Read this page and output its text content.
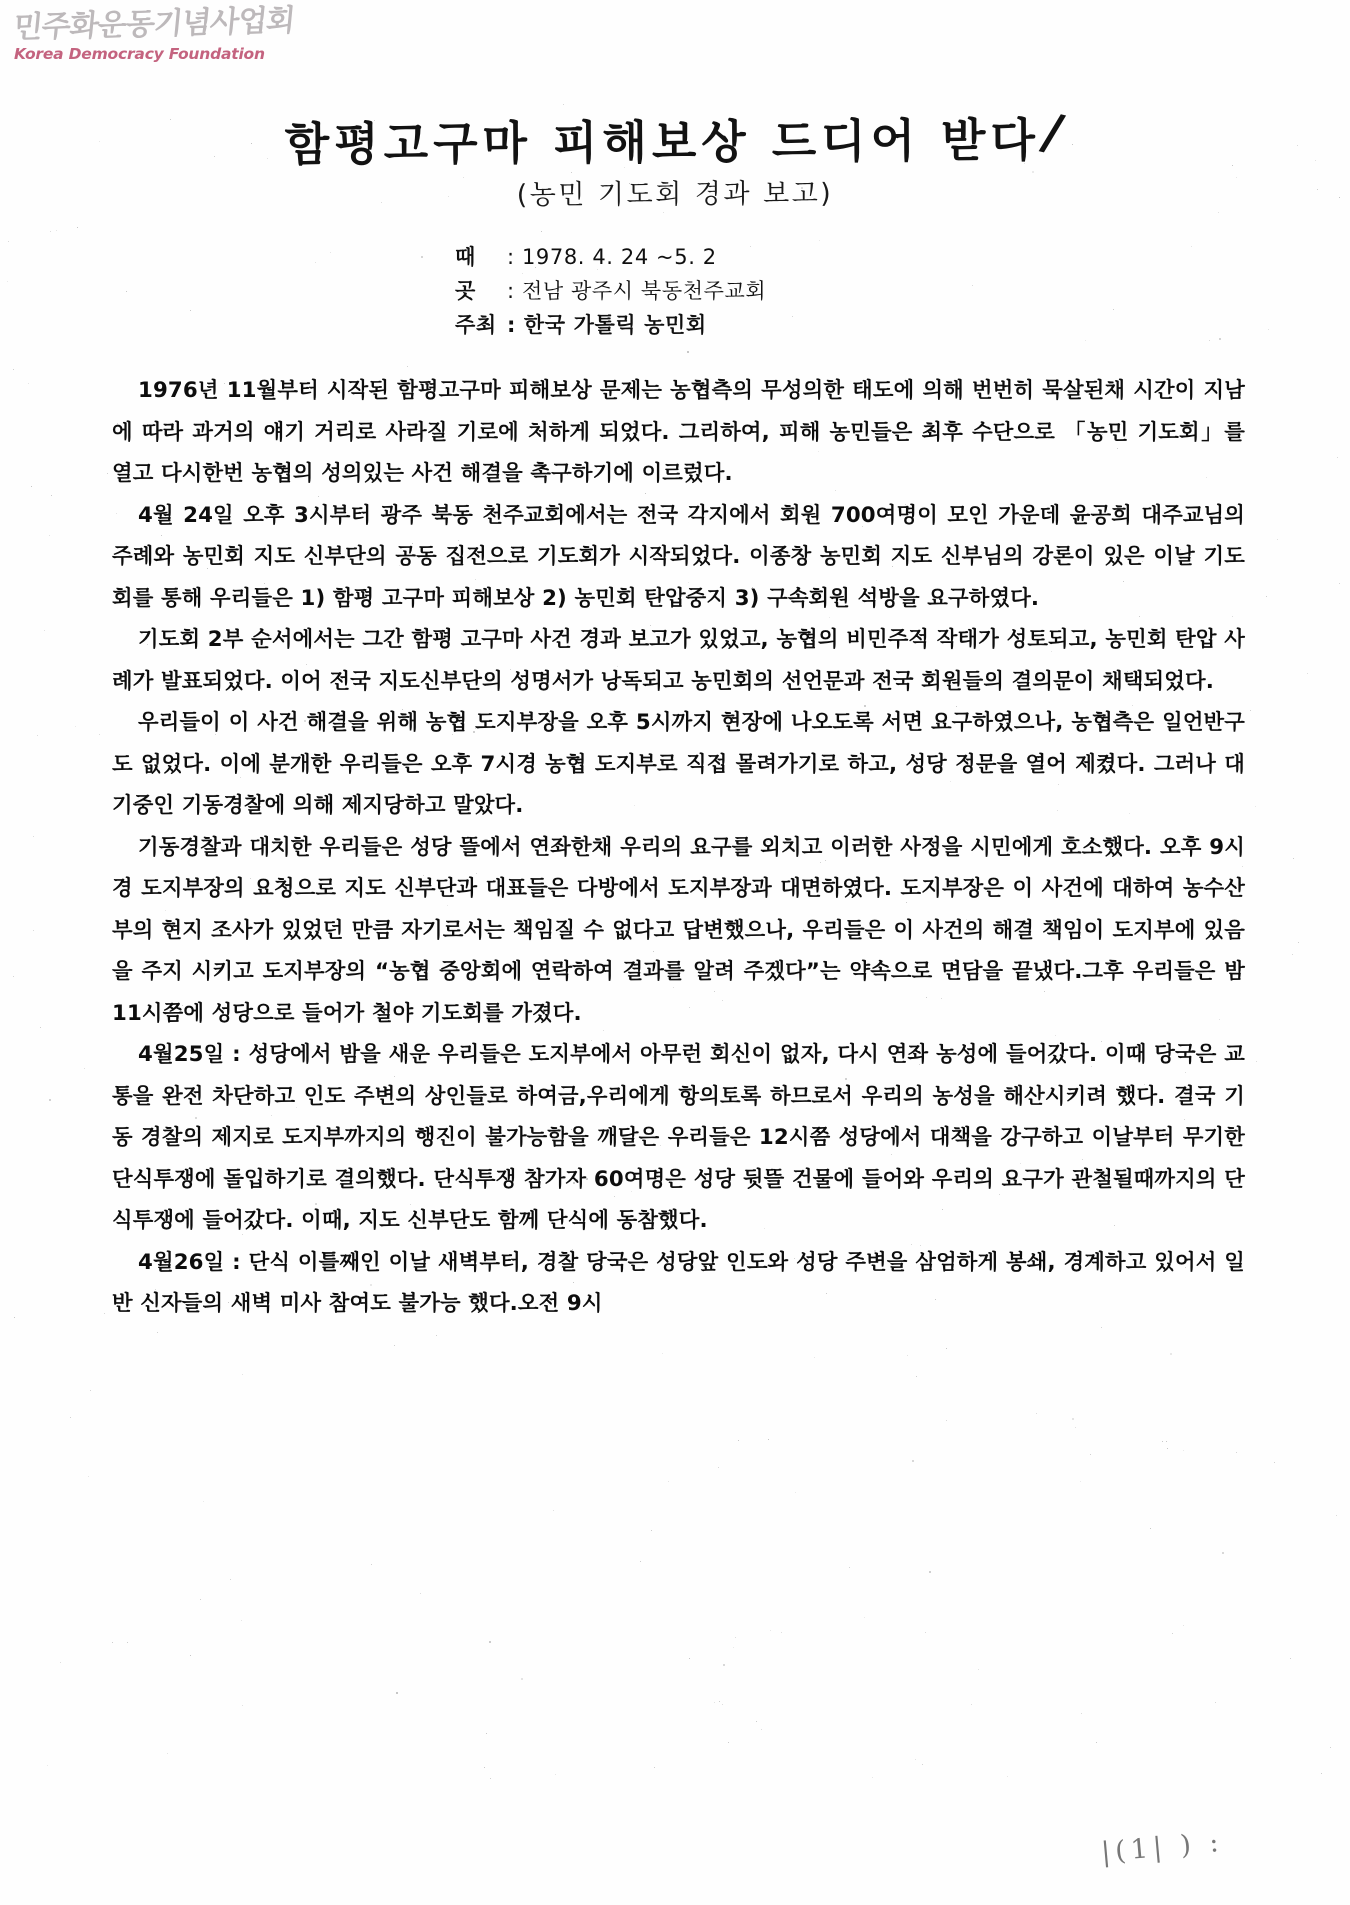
민주화운동기념사업회
Korea Democracy Foundation
함평고구마 피해보상 드디어 받다/
(농민 기도회 경과 보고)
때 : 1978. 4. 24 ~5. 2
곳 : 전남 광주시 북동천주교회
주최 : 한국 가톨릭 농민회

1976년 11월부터 시작된 함평고구마 피해보상 문제는 농협측의 무성의한 태도에 의해 번번히 묵살된채 시간이 지남에 따라 과거의 얘기 거리로 사라질 기로에 처하게 되었다. 그리하여, 피해 농민들은 최후 수단으로 「농민 기도회」를 열고 다시한번 농협의 성의있는 사건 해결을 촉구하기에 이르렀다.

4월 24일 오후 3시부터 광주 북동 천주교회에서는 전국 각지에서 회원 700여명이 모인 가운데 윤공희 대주교님의 주례와 농민회 지도 신부단의 공동 집전으로 기도회가 시작되었다. 이종창 농민회 지도 신부님의 강론이 있은 이날 기도회를 통해 우리들은 1) 함평 고구마 피해보상 2) 농민회 탄압중지 3) 구속회원 석방을 요구하였다.

기도회 2부 순서에서는 그간 함평 고구마 사건 경과 보고가 있었고, 농협의 비민주적 작태가 성토되고, 농민회 탄압 사례가 발표되었다. 이어 전국 지도신부단의 성명서가 낭독되고 농민회의 선언문과 전국 회원들의 결의문이 채택되었다.

우리들이 이 사건 해결을 위해 농협 도지부장을 오후 5시까지 현장에 나오도록 서면 요구하였으나, 농협측은 일언반구도 없었다. 이에 분개한 우리들은 오후 7시경 농협 도지부로 직접 몰려가기로 하고, 성당 정문을 열어 제켰다. 그러나 대기중인 기동경찰에 의해 제지당하고 말았다.

기동경찰과 대치한 우리들은 성당 뜰에서 연좌한채 우리의 요구를 외치고 이러한 사정을 시민에게 호소했다. 오후 9시경 도지부장의 요청으로 지도 신부단과 대표들은 다방에서 도지부장과 대면하였다. 도지부장은 이 사건에 대하여 농수산부의 현지 조사가 있었던 만큼 자기로서는 책임질 수 없다고 답변했으나, 우리들은 이 사건의 해결 책임이 도지부에 있음을 주지 시키고 도지부장의 “농협 중앙회에 연락하여 결과를 알려 주겠다”는 약속으로 면담을 끝냈다.그후 우리들은 밤 11시쯤에 성당으로 들어가 철야 기도회를 가졌다.

4월25일 : 성당에서 밤을 새운 우리들은 도지부에서 아무런 회신이 없자, 다시 연좌 농성에 들어갔다. 이때 당국은 교통을 완전 차단하고 인도 주변의 상인들로 하여금,우리에게 항의토록 하므로서 우리의 농성을 해산시키려 했다. 결국 기동 경찰의 제지로 도지부까지의 행진이 불가능함을 깨달은 우리들은 12시쯤 성당에서 대책을 강구하고 이날부터 무기한 단식투쟁에 돌입하기로 결의했다. 단식투쟁 참가자 60여명은 성당 뒷뜰 건물에 들어와 우리의 요구가 관철될때까지의 단식투쟁에 들어갔다. 이때, 지도 신부단도 함께 단식에 동참했다.

4월26일 : 단식 이틀째인 이날 새벽부터, 경찰 당국은 성당앞 인도와 성당 주변을 삼엄하게 봉쇄, 경계하고 있어서 일반 신자들의 새벽 미사 참여도 불가능 했다.오전 9시

|(1| ) :
